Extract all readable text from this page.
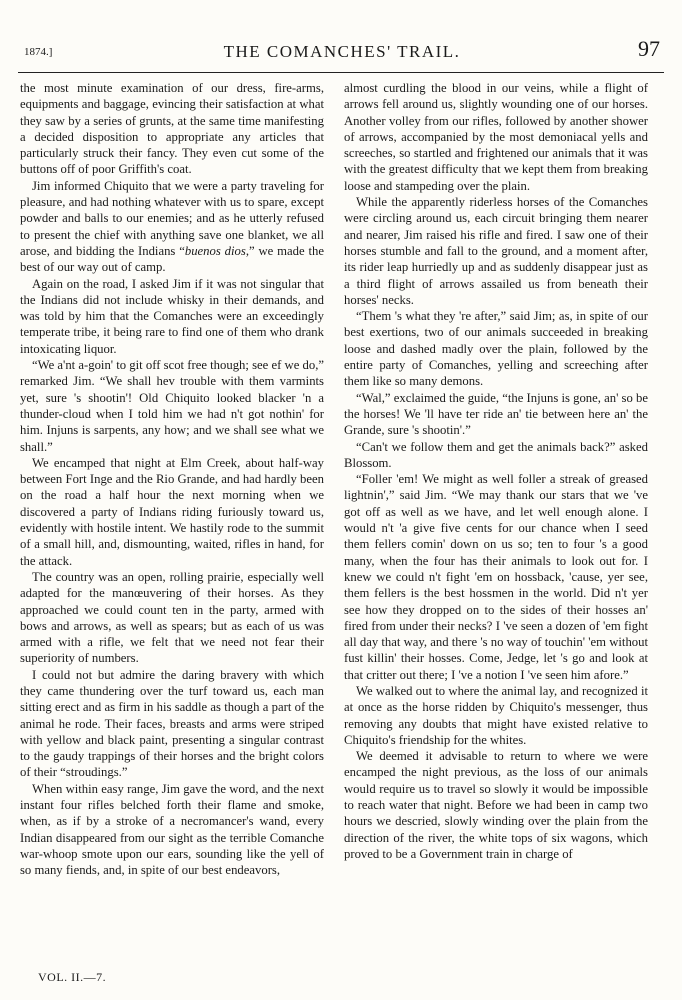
1874.]	THE COMANCHES' TRAIL.	97

the most minute examination of our dress, fire-arms, equipments and baggage, evincing their satisfaction at what they saw by a series of grunts, at the same time manifesting a decided disposition to appropriate any articles that particularly struck their fancy. They even cut some of the buttons off of poor Griffith's coat.

Jim informed Chiquito that we were a party traveling for pleasure, and had nothing whatever with us to spare, except powder and balls to our enemies; and as he utterly refused to present the chief with anything save one blanket, we all arose, and bidding the Indians “buenos dios,” we made the best of our way out of camp.

Again on the road, I asked Jim if it was not singular that the Indians did not include whisky in their demands, and was told by him that the Comanches were an exceedingly temperate tribe, it being rare to find one of them who drank intoxicating liquor.

“We a'nt a-goin' to git off scot free though; see ef we do,” remarked Jim. “We shall hev trouble with them varmints yet, sure 's shootin'! Old Chiquito looked blacker 'n a thunder-cloud when I told him we had n't got nothin' for him. Injuns is sarpents, any how; and we shall see what we shall.”

We encamped that night at Elm Creek, about half-way between Fort Inge and the Rio Grande, and had hardly been on the road a half hour the next morning when we discovered a party of Indians riding furiously toward us, evidently with hostile intent. We hastily rode to the summit of a small hill, and, dismounting, waited, rifles in hand, for the attack.

The country was an open, rolling prairie, especially well adapted for the manœuvering of their horses. As they approached we could count ten in the party, armed with bows and arrows, as well as spears; but as each of us was armed with a rifle, we felt that we need not fear their superiority of numbers.

I could not but admire the daring bravery with which they came thundering over the turf toward us, each man sitting erect and as firm in his saddle as though a part of the animal he rode. Their faces, breasts and arms were striped with yellow and black paint, presenting a singular contrast to the gaudy trappings of their horses and the bright colors of their “stroudings.”

When within easy range, Jim gave the word, and the next instant four rifles belched forth their flame and smoke, when, as if by a stroke of a necromancer's wand, every Indian disappeared from our sight as the terrible Comanche war-whoop smote upon our ears, sounding like the yell of so many fiends, and, in spite of our best endeavors,

almost curdling the blood in our veins, while a flight of arrows fell around us, slightly wounding one of our horses. Another volley from our rifles, followed by another shower of arrows, accompanied by the most demoniacal yells and screeches, so startled and frightened our animals that it was with the greatest difficulty that we kept them from breaking loose and stampeding over the plain.

While the apparently riderless horses of the Comanches were circling around us, each circuit bringing them nearer and nearer, Jim raised his rifle and fired. I saw one of their horses stumble and fall to the ground, and a moment after, its rider leap hurriedly up and as suddenly disappear just as a third flight of arrows assailed us from beneath their horses' necks.

“Them 's what they 're after,” said Jim; as, in spite of our best exertions, two of our animals succeeded in breaking loose and dashed madly over the plain, followed by the entire party of Comanches, yelling and screeching after them like so many demons.

“Wal,” exclaimed the guide, “the Injuns is gone, an' so be the horses! We 'll have ter ride an' tie between here an' the Grande, sure 's shootin'.”

“Can't we follow them and get the animals back?” asked Blossom.

“Foller 'em! We might as well foller a streak of greased lightnin',” said Jim. “We may thank our stars that we 've got off as well as we have, and let well enough alone. I would n't 'a give five cents for our chance when I seed them fellers comin' down on us so; ten to four 's a good many, when the four has their animals to look out for. I knew we could n't fight 'em on hossback, 'cause, yer see, them fellers is the best hossmen in the world. Did n't yer see how they dropped on to the sides of their hosses an' fired from under their necks? I 've seen a dozen of 'em fight all day that way, and there 's no way of touchin' 'em without fust killin' their hosses. Come, Jedge, let 's go and look at that critter out there; I 've a notion I 've seen him afore.”

We walked out to where the animal lay, and recognized it at once as the horse ridden by Chiquito's messenger, thus removing any doubts that might have existed relative to Chiquito's friendship for the whites.

We deemed it advisable to return to where we were encamped the night previous, as the loss of our animals would require us to travel so slowly it would be impossible to reach water that night. Before we had been in camp two hours we descried, slowly winding over the plain from the direction of the river, the white tops of six wagons, which proved to be a Government train in charge of

VOL. II.—7.
